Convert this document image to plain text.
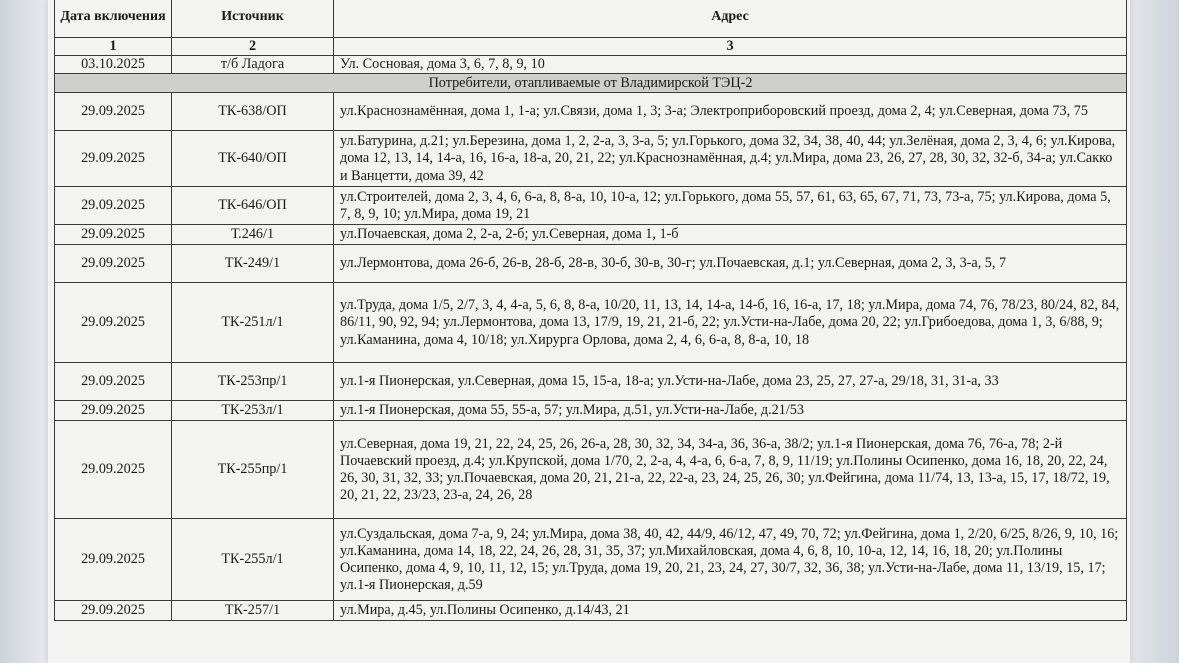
Дата включения	Источник	Адрес
1	2	3
03.10.2025	т/б Ладога	Ул. Сосновая, дома 3, 6, 7, 8, 9, 10
Потребители, отапливаемые от Владимирской ТЭЦ-2		
29.09.2025	ТК-638/ОП	ул.Краснознамённая, дома 1, 1-а; ул.Связи, дома 1, 3; 3-а; Электроприборовский проезд, дома 2, 4; ул.Северная, дома 73, 75
29.09.2025	ТК-640/ОП	ул.Батурина, д.21; ул.Березина, дома 1, 2, 2-а, 3, 3-а, 5; ул.Горького, дома 32, 34, 38, 40, 44; ул.Зелёная, дома 2, 3, 4, 6; ул.Кирова, дома 12, 13, 14, 14-а, 16, 16-а, 18-а, 20, 21, 22; ул.Краснознамённая, д.4; ул.Мира, дома 23, 26, 27, 28, 30, 32, 32-б, 34-а; ул.Сакко и Ванцетти, дома 39, 42
29.09.2025	ТК-646/ОП	ул.Строителей, дома 2, 3, 4, 6, 6-а, 8, 8-а, 10, 10-а, 12; ул.Горького, дома 55, 57, 61, 63, 65, 67, 71, 73, 73-а, 75; ул.Кирова, дома 5, 7, 8, 9, 10; ул.Мира, дома 19, 21
29.09.2025	Т.246/1	ул.Почаевская, дома 2, 2-а, 2-б; ул.Северная, дома 1, 1-б
29.09.2025	ТК-249/1	ул.Лермонтова, дома 26-б, 26-в, 28-б, 28-в, 30-б, 30-в, 30-г; ул.Почаевская, д.1; ул.Северная, дома 2, 3, 3-а, 5, 7
29.09.2025	ТК-251л/1	ул.Труда, дома 1/5, 2/7, 3, 4, 4-а, 5, 6, 8, 8-а, 10/20, 11, 13, 14, 14-а, 14-б, 16, 16-а, 17, 18; ул.Мира, дома 74, 76, 78/23, 80/24, 82, 84, 86/11, 90, 92, 94; ул.Лермонтова, дома 13, 17/9, 19, 21, 21-б, 22; ул.Усти-на-Лабе, дома 20, 22; ул.Грибоедова, дома 1, 3, 6/88, 9; ул.Каманина, дома 4, 10/18; ул.Хирурга Орлова, дома 2, 4, 6, 6-а, 8, 8-а, 10, 18
29.09.2025	ТК-253пр/1	ул.1-я Пионерская, ул.Северная, дома 15, 15-а, 18-а; ул.Усти-на-Лабе, дома 23, 25, 27, 27-а, 29/18, 31, 31-а, 33
29.09.2025	ТК-253л/1	ул.1-я Пионерская, дома 55, 55-а, 57; ул.Мира, д.51, ул.Усти-на-Лабе, д.21/53
29.09.2025	ТК-255пр/1	ул.Северная, дома 19, 21, 22, 24, 25, 26, 26-а, 28, 30, 32, 34, 34-а, 36, 36-а, 38/2; ул.1-я Пионерская, дома 76, 76-а, 78; 2-й Почаевский проезд, д.4; ул.Крупской, дома 1/70, 2, 2-а, 4, 4-а, 6, 6-а, 7, 8, 9, 11/19; ул.Полины Осипенко, дома 16, 18, 20, 22, 24, 26, 30, 31, 32, 33; ул.Почаевская, дома 20, 21, 21-а, 22, 22-а, 23, 24, 25, 26, 30; ул.Фейгина, дома 11/74, 13, 13-а, 15, 17, 18/72, 19, 20, 21, 22, 23/23, 23-а, 24, 26, 28
29.09.2025	ТК-255л/1	ул.Суздальская, дома 7-а, 9, 24; ул.Мира, дома 38, 40, 42, 44/9, 46/12, 47, 49, 70, 72; ул.Фейгина, дома 1, 2/20, 6/25, 8/26, 9, 10, 16; ул.Каманина, дома 14, 18, 22, 24, 26, 28, 31, 35, 37; ул.Михайловская, дома 4, 6, 8, 10, 10-а, 12, 14, 16, 18, 20; ул.Полины Осипенко, дома 4, 9, 10, 11, 12, 15; ул.Труда, дома 19, 20, 21, 23, 24, 27, 30/7, 32, 36, 38; ул.Усти-на-Лабе, дома 11, 13/19, 15, 17; ул.1-я Пионерская, д.59
29.09.2025	ТК-257/1	ул.Мира, д.45, ул.Полины Осипенко, д.14/43, 21
